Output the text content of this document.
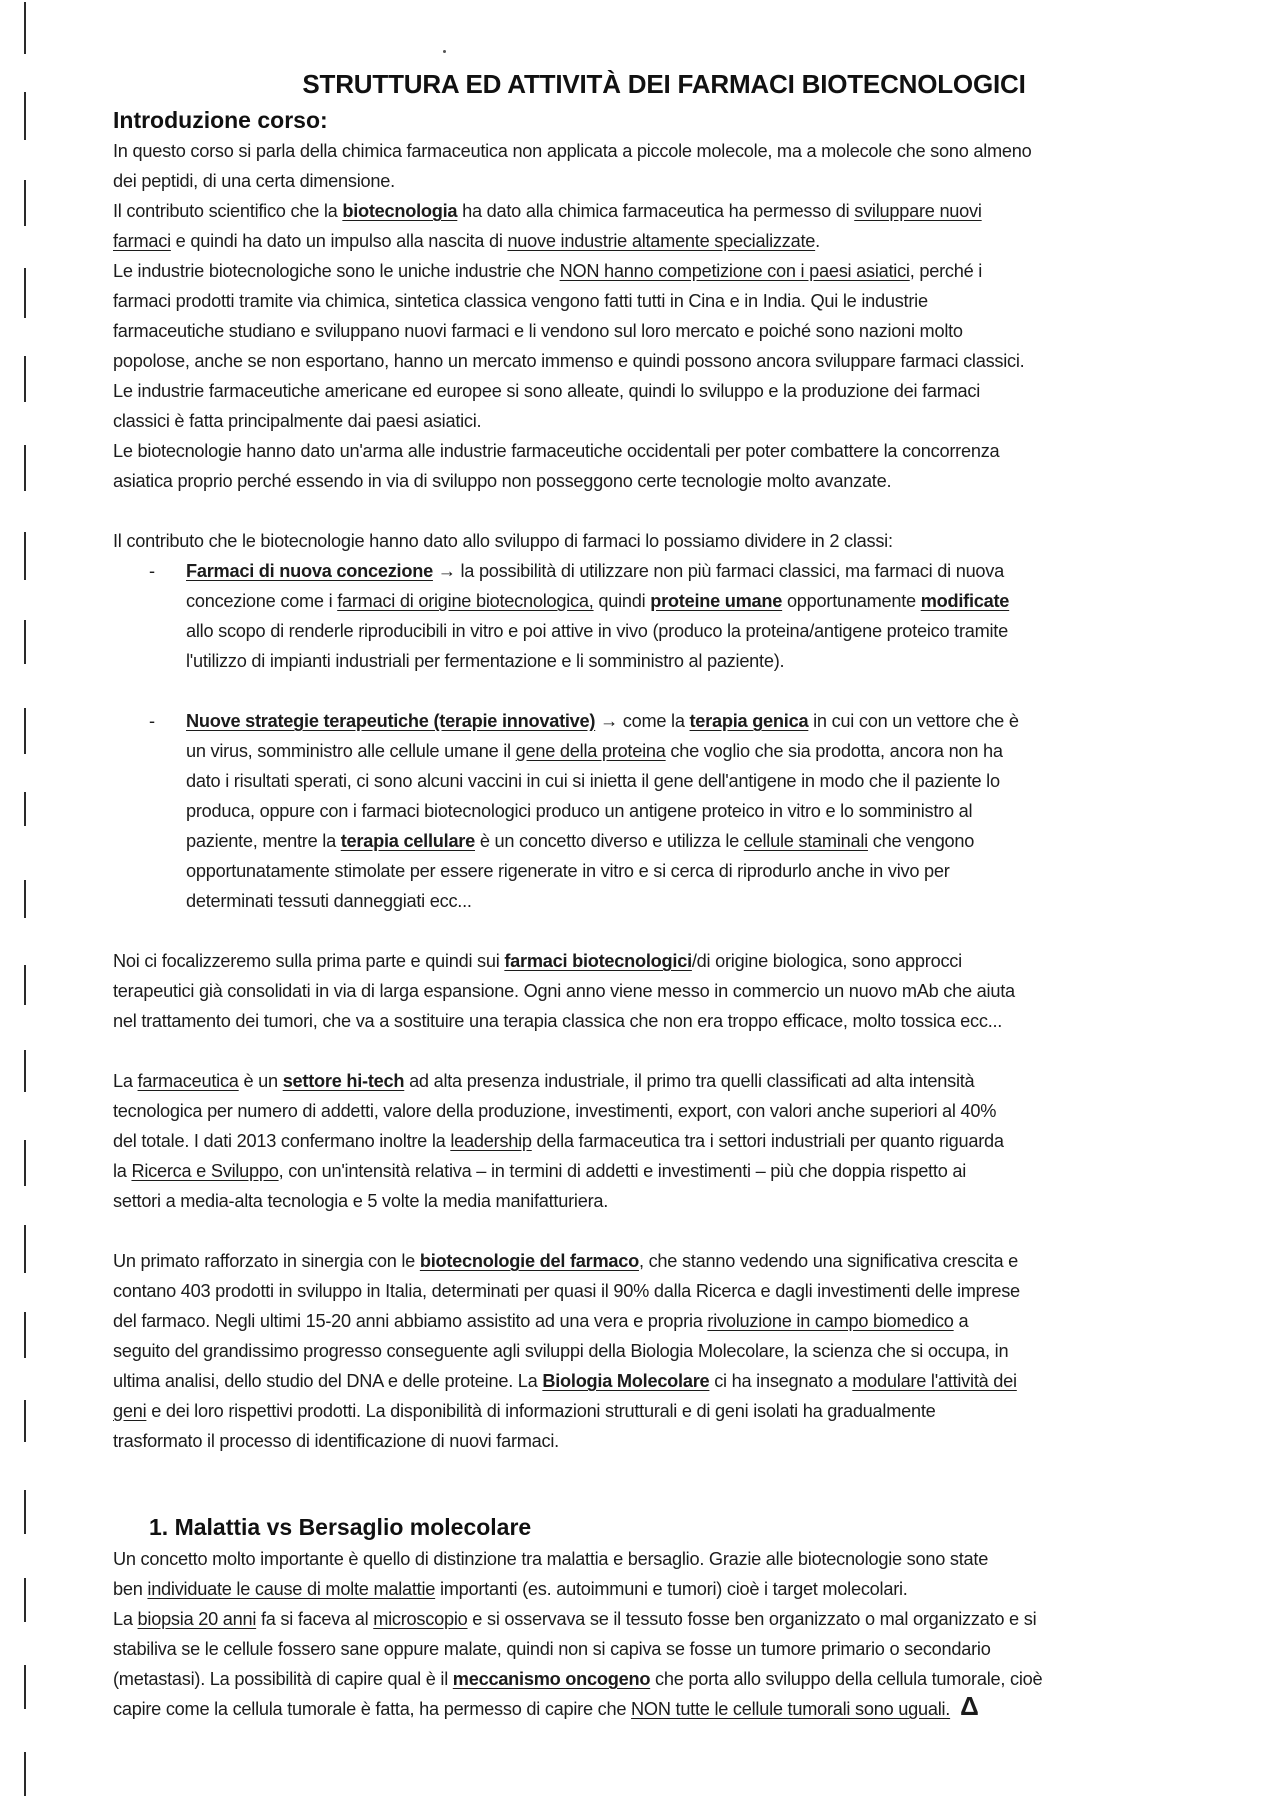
STRUTTURA ED ATTIVITÀ DEI FARMACI BIOTECNOLOGICI
Introduzione corso:

In questo corso si parla della chimica farmaceutica non applicata a piccole molecole, ma a molecole che sono almeno

dei peptidi, di una certa dimensione.

Il contributo scientifico che la biotecnologia ha dato alla chimica farmaceutica ha permesso di sviluppare nuovi

farmaci e quindi ha dato un impulso alla nascita di nuove industrie altamente specializzate.

Le industrie biotecnologiche sono le uniche industrie che NON hanno competizione con i paesi asiatici, perché i

farmaci prodotti tramite via chimica, sintetica classica vengono fatti tutti in Cina e in India. Qui le industrie

farmaceutiche studiano e sviluppano nuovi farmaci e li vendono sul loro mercato e poiché sono nazioni molto

popolose, anche se non esportano, hanno un mercato immenso e quindi possono ancora sviluppare farmaci classici.

Le industrie farmaceutiche americane ed europee si sono alleate, quindi lo sviluppo e la produzione dei farmaci

classici è fatta principalmente dai paesi asiatici.

Le biotecnologie hanno dato un'arma alle industrie farmaceutiche occidentali per poter combattere la concorrenza

asiatica proprio perché essendo in via di sviluppo non posseggono certe tecnologie molto avanzate.

Il contributo che le biotecnologie hanno dato allo sviluppo di farmaci lo possiamo dividere in 2 classi:

- Farmaci di nuova concezione → la possibilità di utilizzare non più farmaci classici, ma farmaci di nuova

concezione come i farmaci di origine biotecnologica, quindi proteine umane opportunamente modificate

allo scopo di renderle riproducibili in vitro e poi attive in vivo (produco la proteina/antigene proteico tramite

l'utilizzo di impianti industriali per fermentazione e li somministro al paziente).

- Nuove strategie terapeutiche (terapie innovative) → come la terapia genica in cui con un vettore che è

un virus, somministro alle cellule umane il gene della proteina che voglio che sia prodotta, ancora non ha

dato i risultati sperati, ci sono alcuni vaccini in cui si inietta il gene dell'antigene in modo che il paziente lo

produca, oppure con i farmaci biotecnologici produco un antigene proteico in vitro e lo somministro al

paziente, mentre la terapia cellulare è un concetto diverso e utilizza le cellule staminali che vengono

opportunatamente stimolate per essere rigenerate in vitro e si cerca di riprodurlo anche in vivo per

determinati tessuti danneggiati ecc...

Noi ci focalizzeremo sulla prima parte e quindi sui farmaci biotecnologici/di origine biologica, sono approcci

terapeutici già consolidati in via di larga espansione. Ogni anno viene messo in commercio un nuovo mAb che aiuta

nel trattamento dei tumori, che va a sostituire una terapia classica che non era troppo efficace, molto tossica ecc...

La farmaceutica è un settore hi-tech ad alta presenza industriale, il primo tra quelli classificati ad alta intensità

tecnologica per numero di addetti, valore della produzione, investimenti, export, con valori anche superiori al 40%

del totale. I dati 2013 confermano inoltre la leadership della farmaceutica tra i settori industriali per quanto riguarda

la Ricerca e Sviluppo, con un'intensità relativa – in termini di addetti e investimenti – più che doppia rispetto ai

settori a media-alta tecnologia e 5 volte la media manifatturiera.

Un primato rafforzato in sinergia con le biotecnologie del farmaco, che stanno vedendo una significativa crescita e

contano 403 prodotti in sviluppo in Italia, determinati per quasi il 90% dalla Ricerca e dagli investimenti delle imprese

del farmaco. Negli ultimi 15-20 anni abbiamo assistito ad una vera e propria rivoluzione in campo biomedico a

seguito del grandissimo progresso conseguente agli sviluppi della Biologia Molecolare, la scienza che si occupa, in

ultima analisi, dello studio del DNA e delle proteine. La Biologia Molecolare ci ha insegnato a modulare l'attività dei

geni e dei loro rispettivi prodotti. La disponibilità di informazioni strutturali e di geni isolati ha gradualmente

trasformato il processo di identificazione di nuovi farmaci.

1. Malattia vs Bersaglio molecolare

Un concetto molto importante è quello di distinzione tra malattia e bersaglio. Grazie alle biotecnologie sono state

ben individuate le cause di molte malattie importanti (es. autoimmuni e tumori) cioè i target molecolari.

La biopsia 20 anni fa si faceva al microscopio e si osservava se il tessuto fosse ben organizzato o mal organizzato e si

stabiliva se le cellule fossero sane oppure malate, quindi non si capiva se fosse un tumore primario o secondario

(metastasi). La possibilità di capire qual è il meccanismo oncogeno che porta allo sviluppo della cellula tumorale, cioè

capire come la cellula tumorale è fatta, ha permesso di capire che NON tutte le cellule tumorali sono uguali. Δ
